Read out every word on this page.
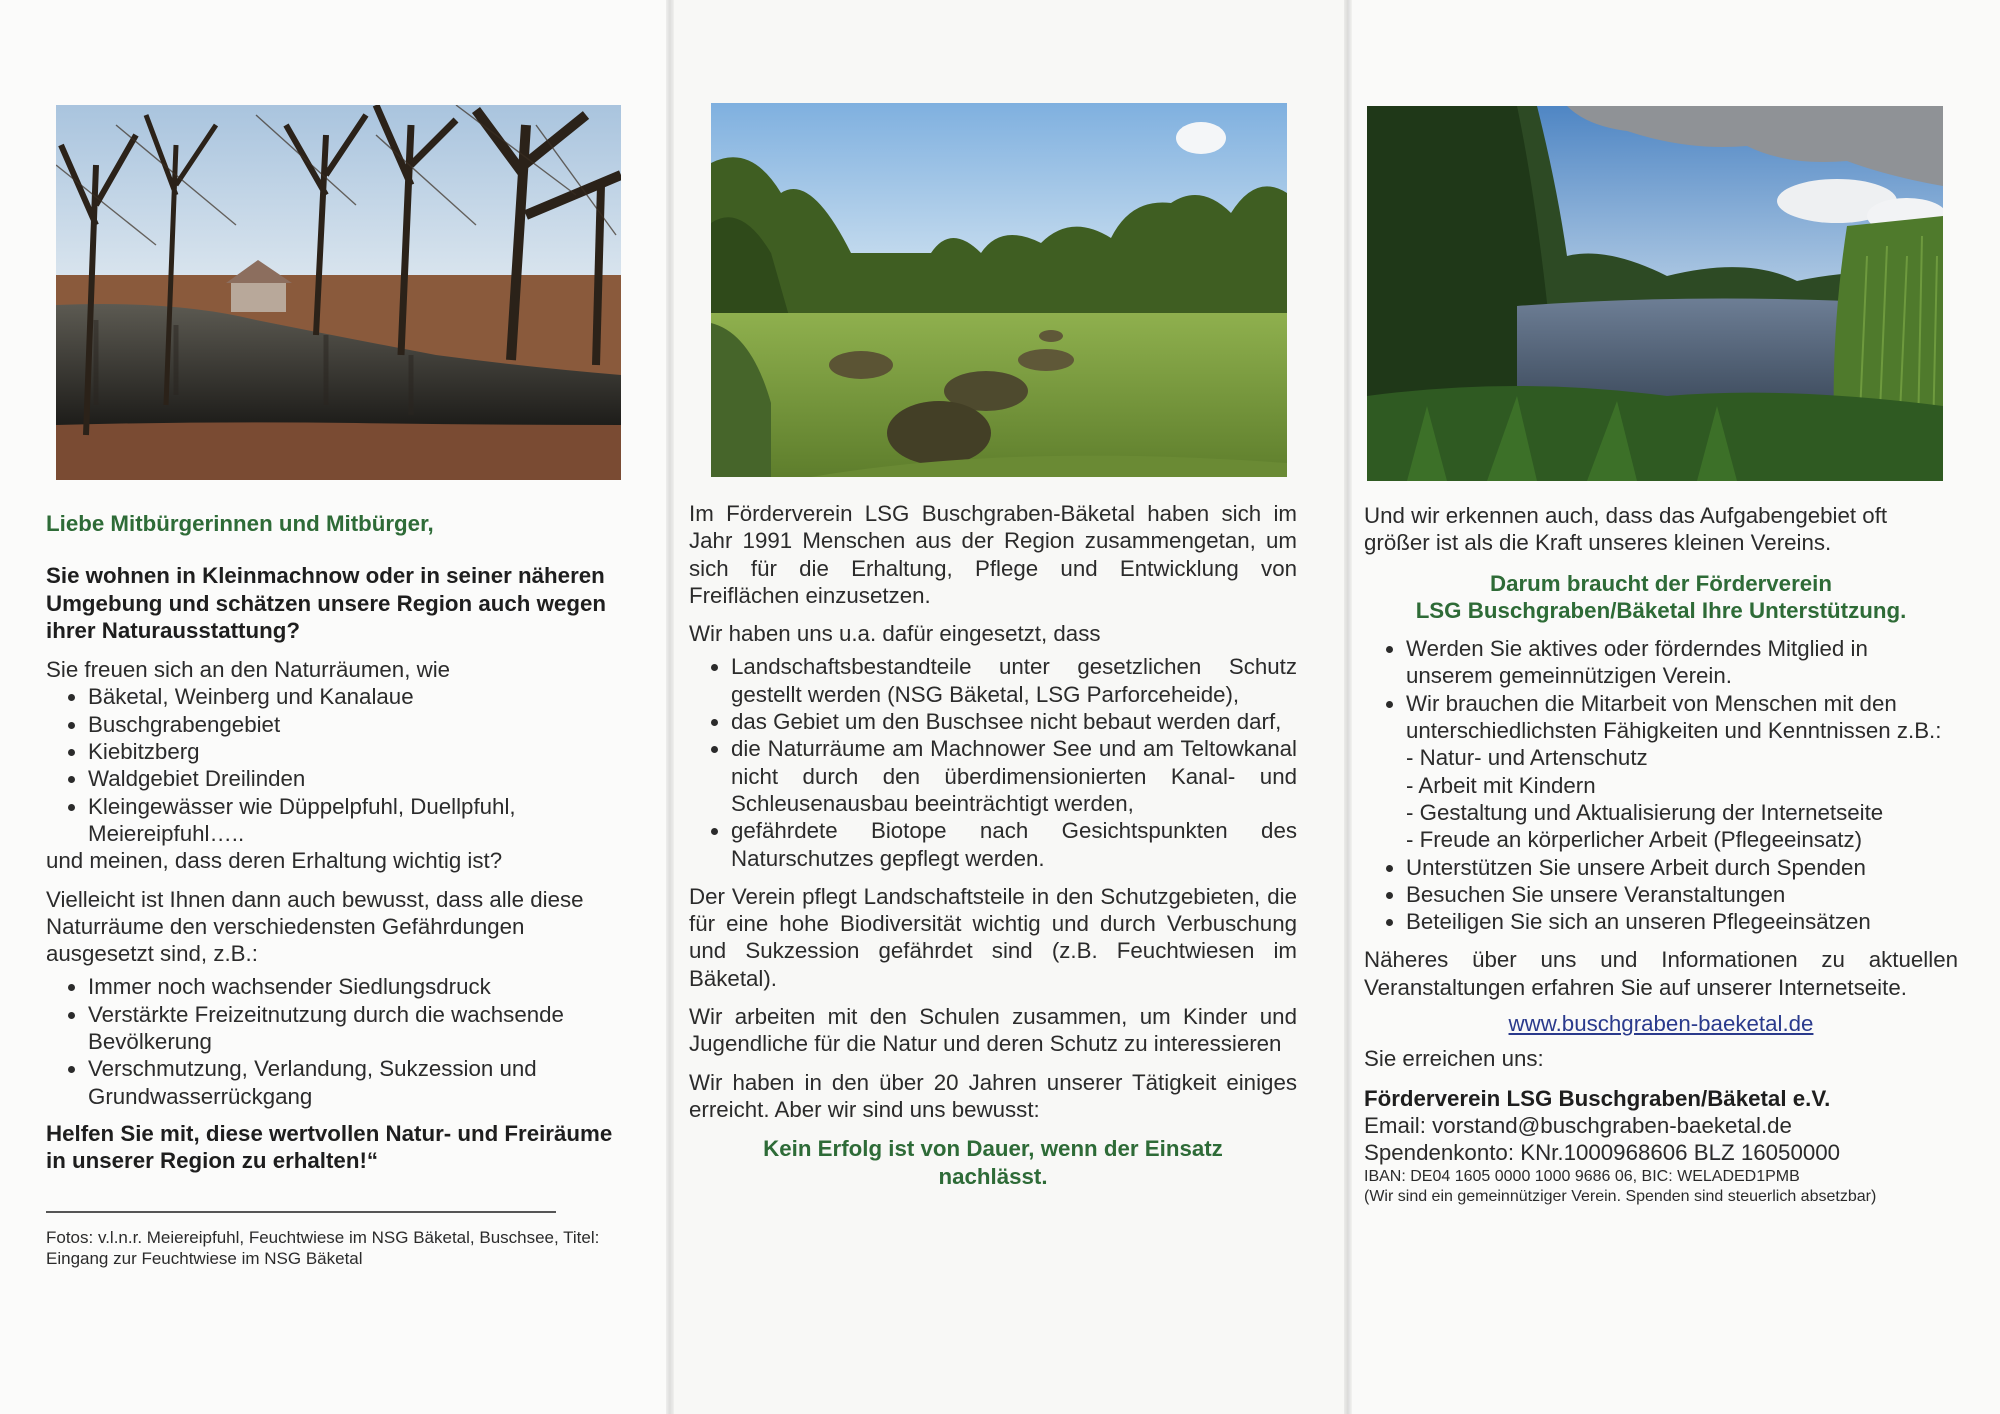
Liebe Mitbürgerinnen und Mitbürger,

Sie wohnen in Kleinmachnow oder in seiner näheren Umgebung und schätzen unsere Region auch wegen ihrer Naturausstattung?

Sie freuen sich an den Naturräumen, wie

• Bäketal, Weinberg und Kanalaue
• Buschgrabengebiet
• Kiebitzberg
• Waldgebiet Dreilinden
• Kleingewässer wie Düppelpfuhl, Duellpfuhl, Meiereipfuhl…..

und meinen, dass deren Erhaltung wichtig ist?

Vielleicht ist Ihnen dann auch bewusst, dass alle diese Naturräume den verschiedensten Gefährdungen ausgesetzt sind, z.B.:

• Immer noch wachsender Siedlungsdruck
• Verstärkte Freizeitnutzung durch die wachsende Bevölkerung
• Verschmutzung, Verlandung, Sukzession und Grundwasserrückgang

Helfen Sie mit, diese wertvollen Natur- und Freiräume in unserer Region zu erhalten!“

Fotos: v.l.n.r. Meiereipfuhl, Feuchtwiese im NSG Bäketal, Buschsee, Titel: Eingang zur Feuchtwiese im NSG Bäketal

Im Förderverein LSG Buschgraben-Bäketal haben sich im Jahr 1991 Menschen aus der Region zusammengetan, um sich für die Erhaltung, Pflege und Entwicklung von Freiflächen einzusetzen.

Wir haben uns u.a. dafür eingesetzt, dass

• Landschaftsbestandteile unter gesetzlichen Schutz gestellt werden (NSG Bäketal, LSG Parforceheide),
• das Gebiet um den Buschsee nicht bebaut werden darf,
• die Naturräume am Machnower See und am Teltowkanal nicht durch den überdimensionierten Kanal- und Schleusenausbau beeinträchtigt werden,
• gefährdete Biotope nach Gesichtspunkten des Naturschutzes gepflegt werden.

Der Verein pflegt Landschaftsteile in den Schutzgebieten, die für eine hohe Biodiversität wichtig und durch Verbuschung und Sukzession gefährdet sind (z.B. Feuchtwiesen im Bäketal).

Wir arbeiten mit den Schulen zusammen, um Kinder und Jugendliche für die Natur und deren Schutz zu interessieren

Wir haben in den über 20 Jahren unserer Tätigkeit einiges erreicht. Aber wir sind uns bewusst:

Kein Erfolg ist von Dauer, wenn der Einsatz nachlässt.

Und wir erkennen auch, dass das Aufgabengebiet oft größer ist als die Kraft unseres kleinen Vereins.

Darum braucht der Förderverein
LSG Buschgraben/Bäketal Ihre Unterstützung.

• Werden Sie aktives oder förderndes Mitglied in unserem gemeinnützigen Verein.
• Wir brauchen die Mitarbeit von Menschen mit den unterschiedlichsten Fähigkeiten und Kenntnissen z.B.:
- Natur- und Artenschutz
- Arbeit mit Kindern
- Gestaltung und Aktualisierung der Internetseite
- Freude an körperlicher Arbeit (Pflegeeinsatz)
• Unterstützen Sie unsere Arbeit durch Spenden
• Besuchen Sie unsere Veranstaltungen
• Beteiligen Sie sich an unseren Pflegeeinsätzen

Näheres über uns und Informationen zu aktuellen Veranstaltungen erfahren Sie auf unserer Internetseite.

www.buschgraben-baeketal.de

Sie erreichen uns:

Förderverein LSG Buschgraben/Bäketal e.V.

Email: vorstand@buschgraben-baeketal.de

Spendenkonto: KNr.1000968606 BLZ 16050000

IBAN: DE04 1605 0000 1000 9686 06, BIC: WELADED1PMB

(Wir sind ein gemeinnütziger Verein. Spenden sind steuerlich absetzbar)
